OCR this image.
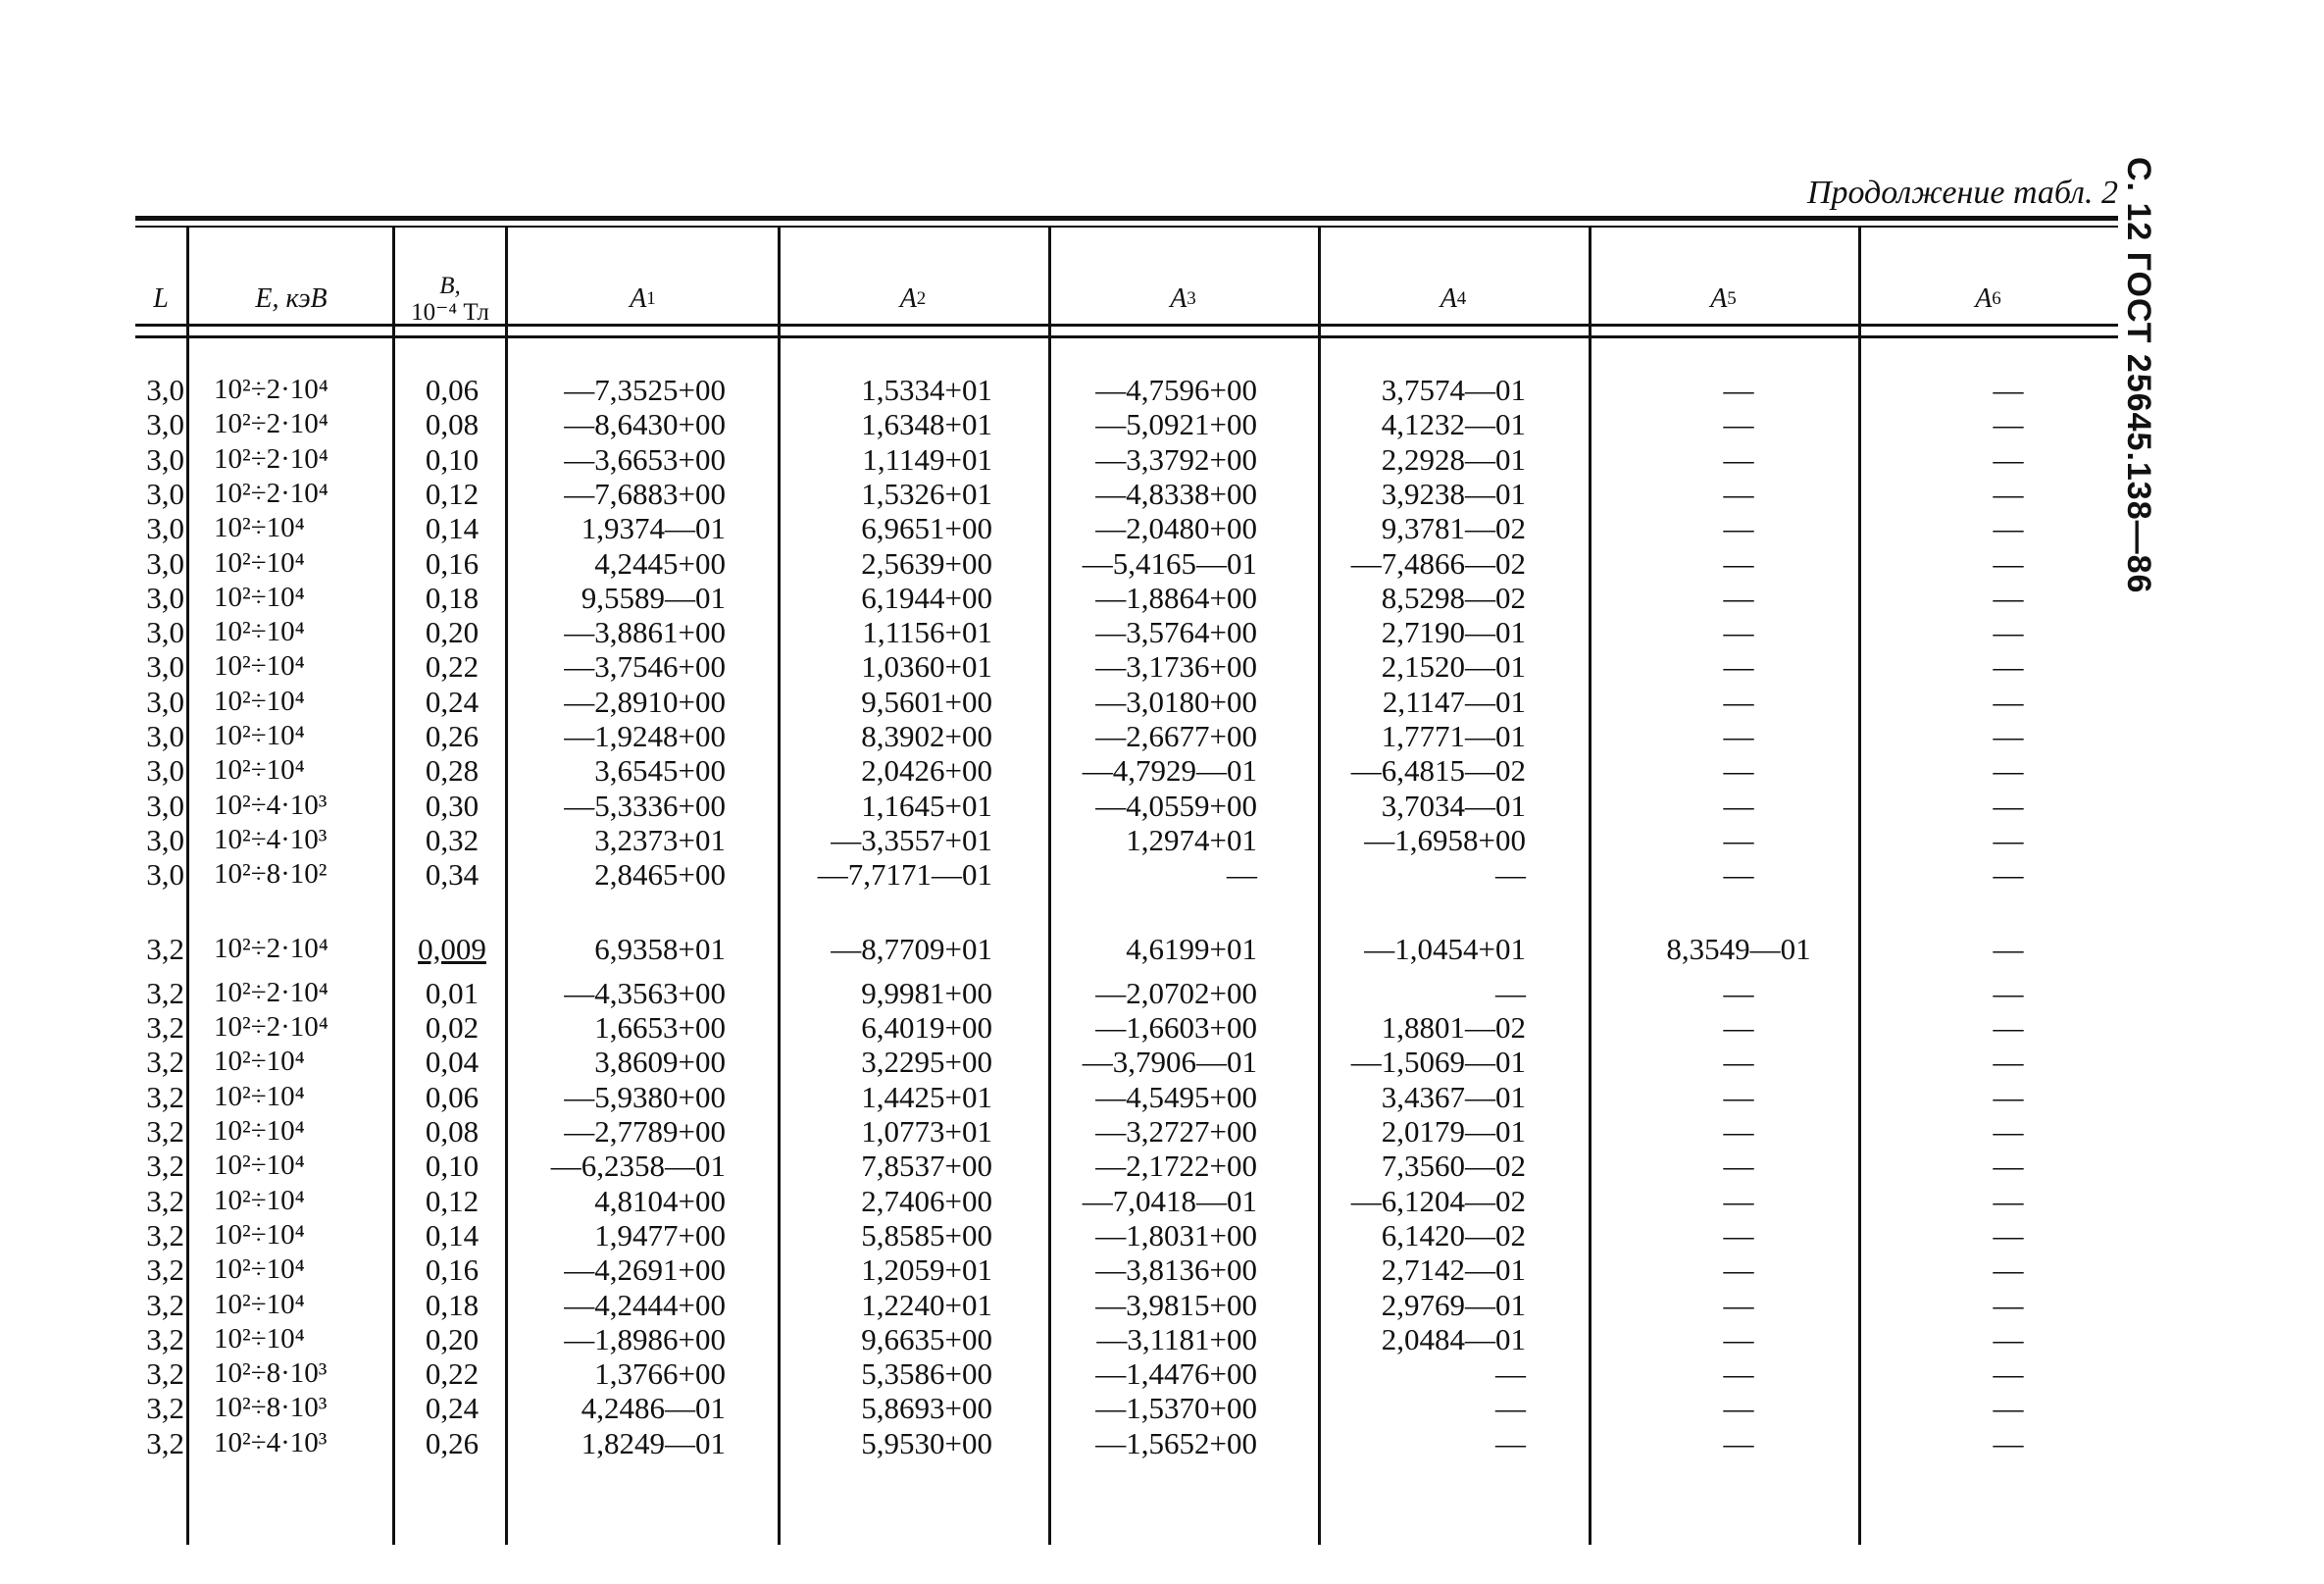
Продолжение табл. 2 С. 12 ГОСТ 25645.138—86
L	E, кэВ	B,
10⁻⁴ Тл	A 1	A 2	A 3	A 4	A 5	A 6
3,0 10²÷2·10⁴	0,06	—7,3525+00	1,5334+01	—4,7596+00	3,7574—01	—	—
3,0 10²÷2·10⁴	0,08	—8,6430+00	1,6348+01	—5,0921+00	4,1232—01	—	—
3,0 10²÷2·10⁴	0,10	—3,6653+00	1,1149+01	—3,3792+00	2,2928—01	—	—
3,0 10²÷2·10⁴	0,12	—7,6883+00	1,5326+01	—4,8338+00	3,9238—01	—	—
3,0 10²÷10⁴	0,14	1,9374—01	6,9651+00	—2,0480+00	9,3781—02	—	—
3,0 10²÷10⁴	0,16	4,2445+00	2,5639+00	—5,4165—01	—7,4866—02	—	—
3,0 10²÷10⁴	0,18	9,5589—01	6,1944+00	—1,8864+00	8,5298—02	—	—
3,0 10²÷10⁴	0,20	—3,8861+00	1,1156+01	—3,5764+00	2,7190—01	—	—
3,0 10²÷10⁴	0,22	—3,7546+00	1,0360+01	—3,1736+00	2,1520—01	—	—
3,0 10²÷10⁴	0,24	—2,8910+00	9,5601+00	—3,0180+00	2,1147—01	—	—
3,0 10²÷10⁴	0,26	—1,9248+00	8,3902+00	—2,6677+00	1,7771—01	—	—
3,0 10²÷10⁴	0,28	3,6545+00	2,0426+00	—4,7929—01	—6,4815—02	—	—
3,0 10²÷4·10³	0,30	—5,3336+00	1,1645+01	—4,0559+00	3,7034—01	—	—
3,0 10²÷4·10³	0,32	3,2373+01	—3,3557+01	1,2974+01	—1,6958+00	—	—
3,0 10²÷8·10²	0,34	2,8465+00	—7,7171—01	—	—	—	—
3,2 10²÷2·10⁴	0,009	6,9358+01	—8,7709+01	4,6199+01	—1,0454+01	8,3549—01	—
3,2 10²÷2·10⁴	0,01	—4,3563+00	9,9981+00	—2,0702+00	—	—	—
3,2 10²÷2·10⁴	0,02	1,6653+00	6,4019+00	—1,6603+00	1,8801—02	—	—
3,2 10²÷10⁴	0,04	3,8609+00	3,2295+00	—3,7906—01	—1,5069—01	—	—
3,2 10²÷10⁴	0,06	—5,9380+00	1,4425+01	—4,5495+00	3,4367—01	—	—
3,2 10²÷10⁴	0,08	—2,7789+00	1,0773+01	—3,2727+00	2,0179—01	—	—
3,2 10²÷10⁴	0,10	—6,2358—01	7,8537+00	—2,1722+00	7,3560—02	—	—
3,2 10²÷10⁴	0,12	4,8104+00	2,7406+00	—7,0418—01	—6,1204—02	—	—
3,2 10²÷10⁴	0,14	1,9477+00	5,8585+00	—1,8031+00	6,1420—02	—	—
3,2 10²÷10⁴	0,16	—4,2691+00	1,2059+01	—3,8136+00	2,7142—01	—	—
3,2 10²÷10⁴	0,18	—4,2444+00	1,2240+01	—3,9815+00	2,9769—01	—	—
3,2 10²÷10⁴	0,20	—1,8986+00	9,6635+00	—3,1181+00	2,0484—01	—	—
3,2 10²÷8·10³	0,22	1,3766+00	5,3586+00	—1,4476+00	—	—	—
3,2 10²÷8·10³	0,24	4,2486—01	5,8693+00	—1,5370+00	—	—	—
3,2 10²÷4·10³	0,26	1,8249—01	5,9530+00	—1,5652+00	—	—	—
